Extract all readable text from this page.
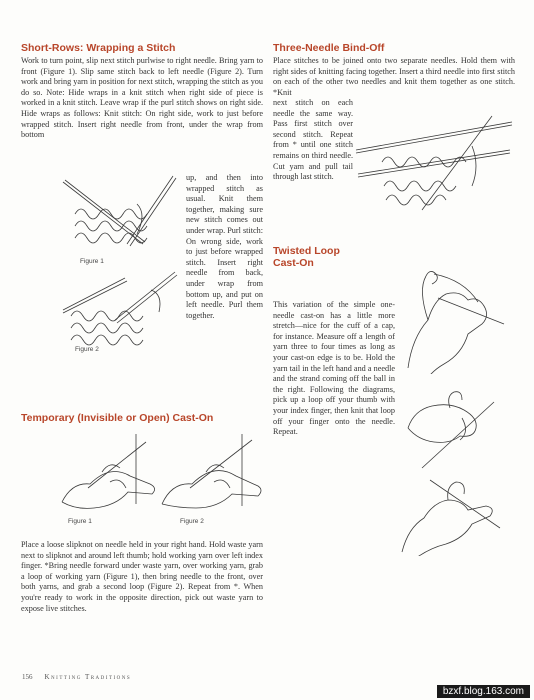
Short-Rows: Wrapping a Stitch

Work to turn point, slip next stitch purlwise to right needle. Bring yarn to front (Figure 1). Slip same stitch back to left needle (Figure 2). Turn work and bring yarn in position for next stitch, wrapping the stitch as you do so. Note: Hide wraps in a knit stitch when right side of piece is worked in a knit stitch. Leave wrap if the purl stitch shows on right side. Hide wraps as follows: Knit stitch: On right side, work to just before wrapped stitch. Insert right needle from front, under the wrap from bottom

up, and then into wrapped stitch as usual. Knit them together, making sure new stitch comes out under wrap. Purl stitch: On wrong side, work to just before wrapped stitch. Insert right needle from back, under wrap from bottom up, and put on left needle. Purl them together.

Figure 1
Figure 2
Temporary (Invisible or Open) Cast-On
Figure 1	Figure 2

Place a loose slipknot on needle held in your right hand. Hold waste yarn next to slipknot and around left thumb; hold working yarn over left index finger. *Bring needle forward under waste yarn, over working yarn, grab a loop of working yarn (Figure 1), then bring needle to the front, over both yarns, and grab a second loop (Figure 2). Repeat from *. When you're ready to work in the opposite direction, pick out waste yarn to expose live stitches.

Three-Needle Bind-Off

Place stitches to be joined onto two separate needles. Hold them with right sides of knitting facing together. Insert a third needle into first stitch on each of the other two needles and knit them together as one stitch. *Knit

next stitch on each needle the same way. Pass first stitch over second stitch. Repeat from * until one stitch remains on third needle. Cut yarn and pull tail through last stitch.

Twisted Loop
Cast-On

This variation of the simple one-needle cast-on has a little more stretch—nice for the cuff of a cap, for instance. Measure off a length of yarn three to four times as long as your cast-on edge is to be. Hold the yarn tail in the left hand and a needle and the strand coming off the ball in the right. Following the diagrams, pick up a loop off your thumb with your index finger, then knit that loop off your finger onto the needle. Repeat.

156 Knitting Traditions
bzxf.blog.163.com
